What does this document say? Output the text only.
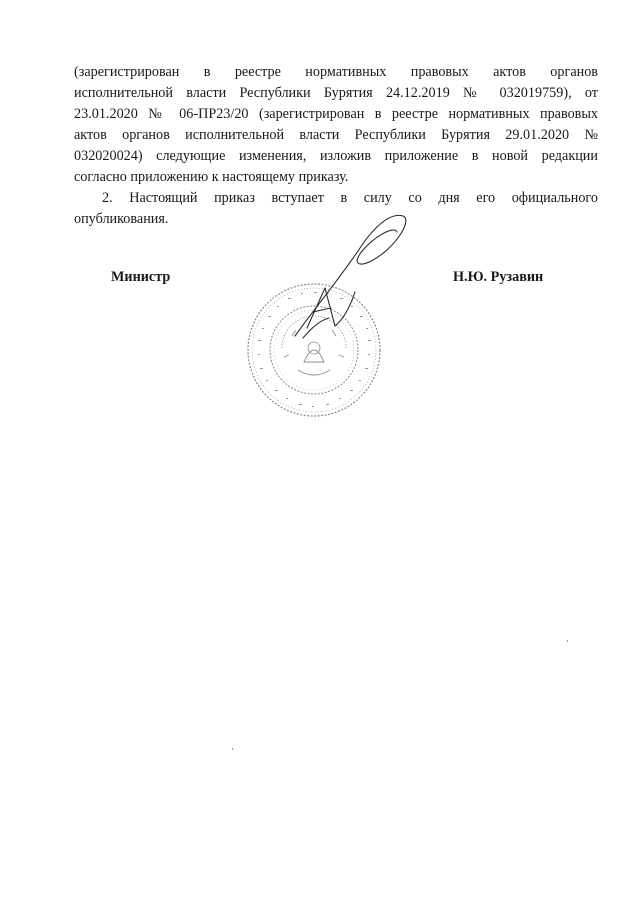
(зарегистрирован в реестре нормативных правовых актов органов
исполнительной власти Республики Бурятия 24.12.2019 № 032019759), от
23.01.2020 № 06-ПР23/20 (зарегистрирован в реестре нормативных правовых
актов органов исполнительной власти Республики Бурятия 29.01.2020 №
032020024) следующие изменения, изложив приложение в новой редакции
согласно приложению к настоящему приказу.
2. Настоящий приказ вступает в силу со дня его официального
опубликования.
Министр	Н.Ю. Рузавин
